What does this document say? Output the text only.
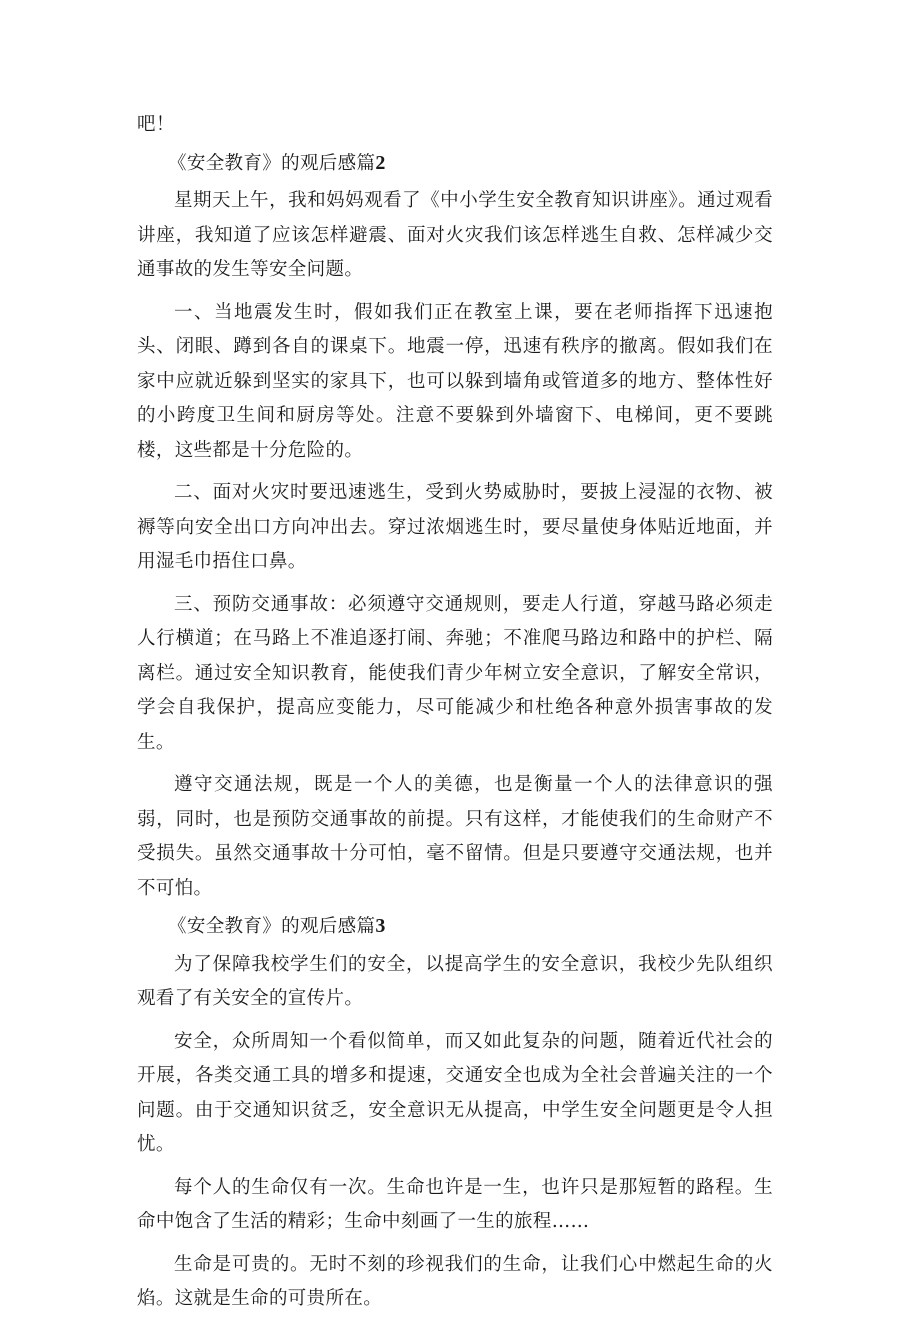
吧！

《安全教育》的观后感篇2

星期天上午，我和妈妈观看了《中小学生安全教育知识讲座》。通过观看讲座，我知道了应该怎样避震、面对火灾我们该怎样逃生自救、怎样减少交通事故的发生等安全问题。

一、当地震发生时，假如我们正在教室上课，要在老师指挥下迅速抱头、闭眼、蹲到各自的课桌下。地震一停，迅速有秩序的撤离。假如我们在家中应就近躲到坚实的家具下，也可以躲到墙角或管道多的地方、整体性好的小跨度卫生间和厨房等处。注意不要躲到外墙窗下、电梯间，更不要跳楼，这些都是十分危险的。

二、面对火灾时要迅速逃生，受到火势威胁时，要披上浸湿的衣物、被褥等向安全出口方向冲出去。穿过浓烟逃生时，要尽量使身体贴近地面，并用湿毛巾捂住口鼻。

三、预防交通事故：必须遵守交通规则，要走人行道，穿越马路必须走人行横道；在马路上不准追逐打闹、奔驰；不准爬马路边和路中的护栏、隔离栏。通过安全知识教育，能使我们青少年树立安全意识，了解安全常识，学会自我保护，提高应变能力，尽可能减少和杜绝各种意外损害事故的发生。

遵守交通法规，既是一个人的美德，也是衡量一个人的法律意识的强弱，同时，也是预防交通事故的前提。只有这样，才能使我们的生命财产不受损失。虽然交通事故十分可怕，毫不留情。但是只要遵守交通法规，也并不可怕。

《安全教育》的观后感篇3

为了保障我校学生们的安全，以提高学生的安全意识，我校少先队组织观看了有关安全的宣传片。

安全，众所周知一个看似简单，而又如此复杂的问题，随着近代社会的开展，各类交通工具的增多和提速，交通安全也成为全社会普遍关注的一个问题。由于交通知识贫乏，安全意识无从提高，中学生安全问题更是令人担忧。

每个人的生命仅有一次。生命也许是一生，也许只是那短暂的路程。生命中饱含了生活的精彩；生命中刻画了一生的旅程……

生命是可贵的。无时不刻的珍视我们的生命，让我们心中燃起生命的火焰。这就是生命的可贵所在。
